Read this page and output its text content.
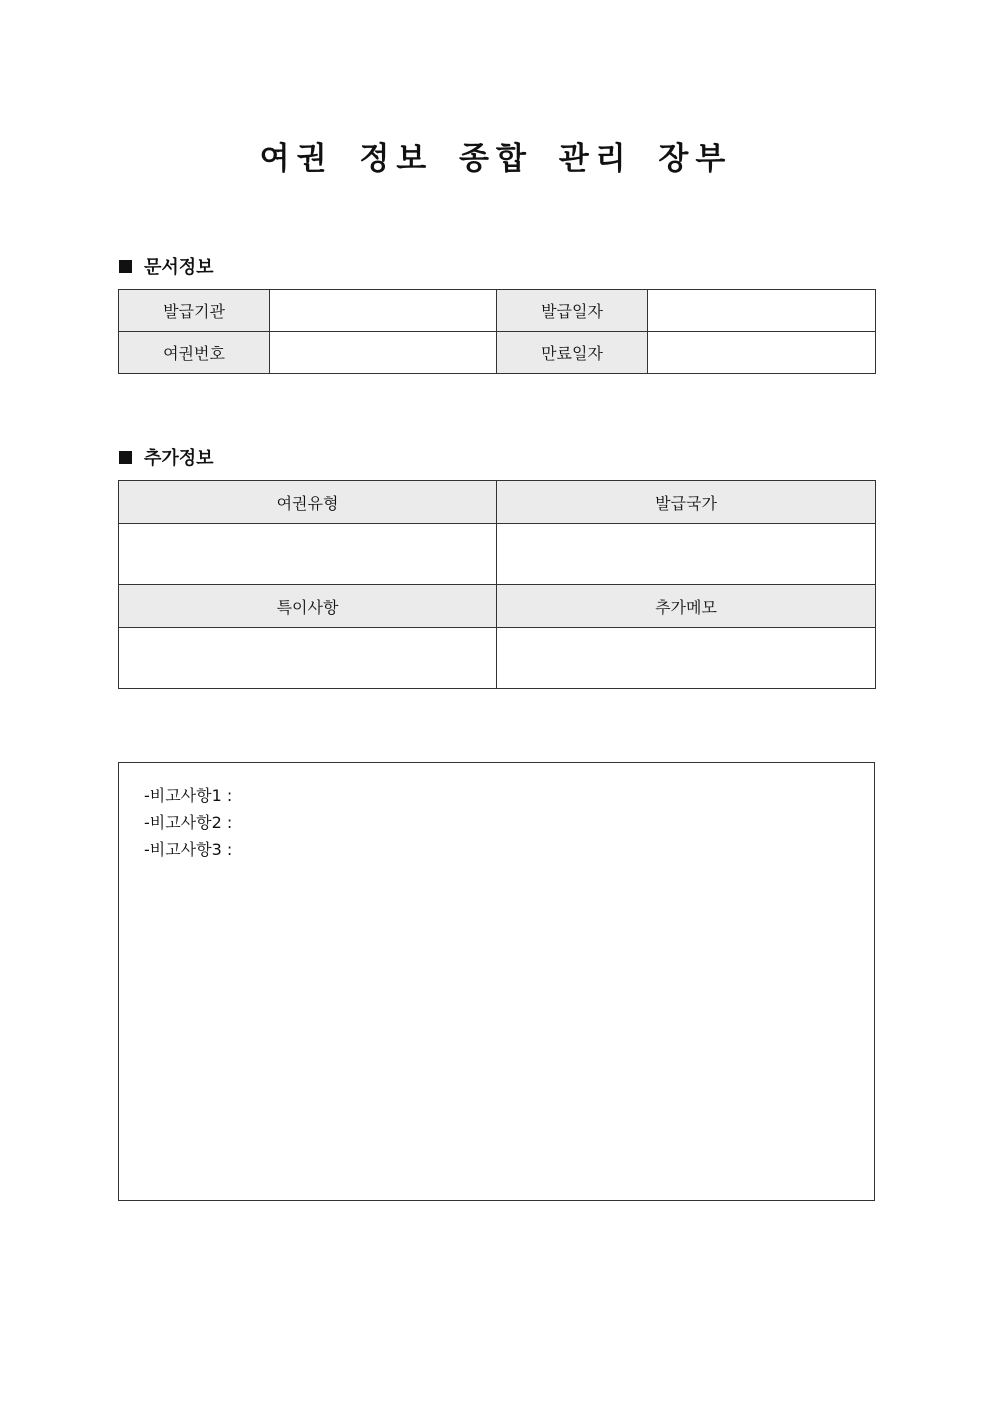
여권 정보 종합 관리 장부
문서정보
발급기관		발급일자	
여권번호		만료일자	
추가정보
여권유형	발급국가

특이사항	추가메모

-비고사항1 :
-비고사항2 :
-비고사항3 :
